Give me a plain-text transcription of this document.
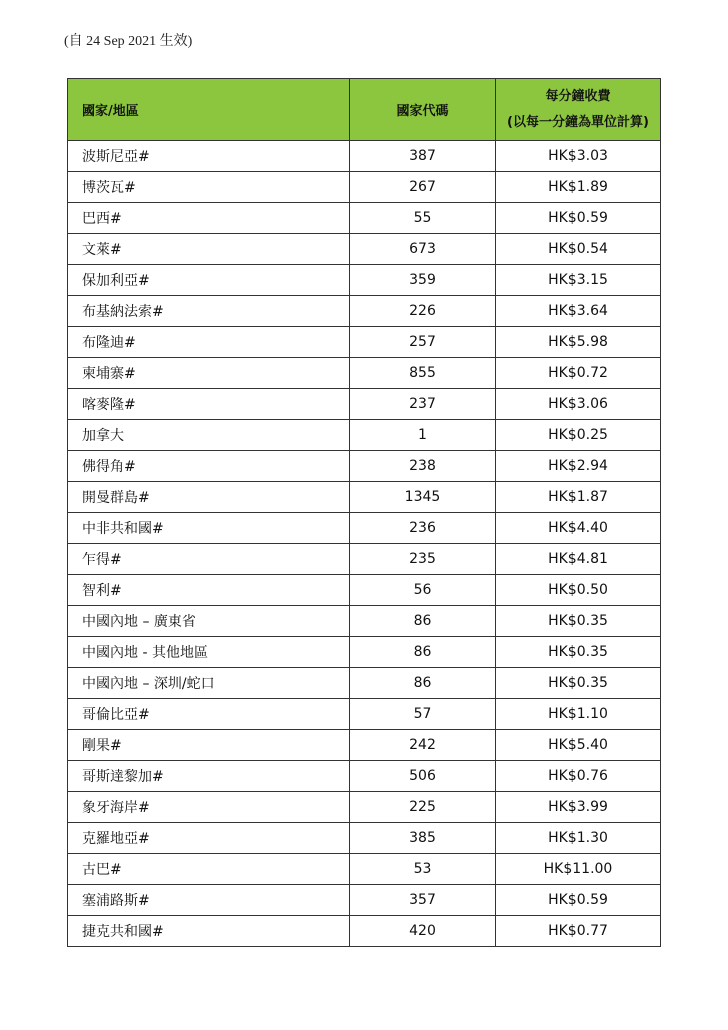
(自 24 Sep 2021 生效)
國家/地區	國家代碼	每分鐘收費
(以每一分鐘為單位計算)

波斯尼亞#	387	HK$3.03
博茨瓦#	267	HK$1.89
巴西#	55	HK$0.59
文萊#	673	HK$0.54
保加利亞#	359	HK$3.15
布基納法索#	226	HK$3.64
布隆迪#	257	HK$5.98
柬埔寨#	855	HK$0.72
喀麥隆#	237	HK$3.06
加拿大	1	HK$0.25
佛得角#	238	HK$2.94
開曼群島#	1345	HK$1.87
中非共和國#	236	HK$4.40
乍得#	235	HK$4.81
智利#	56	HK$0.50
中國內地 – 廣東省	86	HK$0.35
中國內地 - 其他地區	86	HK$0.35
中國內地 – 深圳/蛇口	86	HK$0.35
哥倫比亞#	57	HK$1.10
剛果#	242	HK$5.40
哥斯達黎加#	506	HK$0.76
象牙海岸#	225	HK$3.99
克羅地亞#	385	HK$1.30
古巴#	53	HK$11.00
塞浦路斯#	357	HK$0.59
捷克共和國#	420	HK$0.77
